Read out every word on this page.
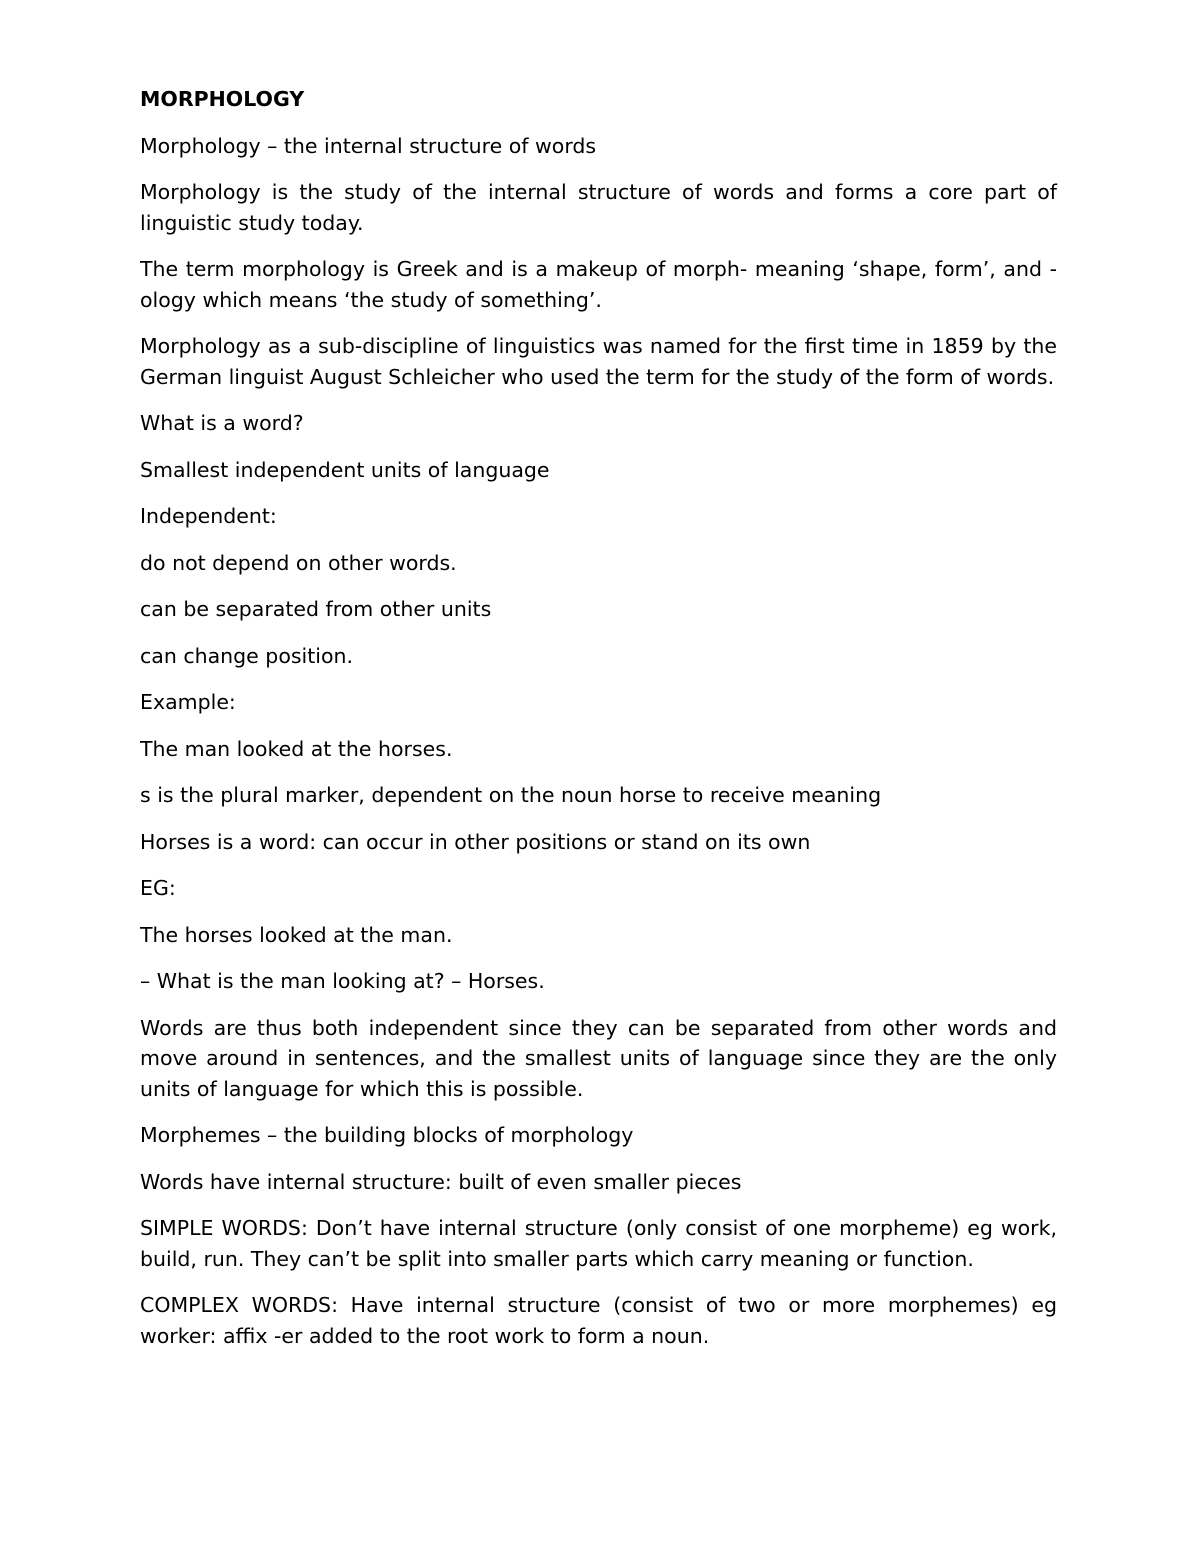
MORPHOLOGY

Morphology – the internal structure of words

Morphology is the study of the internal structure of words and forms a core part of linguistic study today.

The term morphology is Greek and is a makeup of morph- meaning ‘shape, form’, and -ology which means ‘the study of something’.

Morphology as a sub-discipline of linguistics was named for the first time in 1859 by the German linguist August Schleicher who used the term for the study of the form of words.

What is a word?

Smallest independent units of language

Independent:

do not depend on other words.

can be separated from other units

can change position.

Example:

The man looked at the horses.

s is the plural marker, dependent on the noun horse to receive meaning

Horses is a word: can occur in other positions or stand on its own

EG:

The horses looked at the man.

– What is the man looking at? – Horses.

Words are thus both independent since they can be separated from other words and move around in sentences, and the smallest units of language since they are the only units of language for which this is possible.

Morphemes – the building blocks of morphology

Words have internal structure: built of even smaller pieces

SIMPLE WORDS: Don’t have internal structure (only consist of one morpheme) eg work, build, run. They can’t be split into smaller parts which carry meaning or function.

COMPLEX WORDS: Have internal structure (consist of two or more morphemes) eg worker: affix -er added to the root work to form a noun.
